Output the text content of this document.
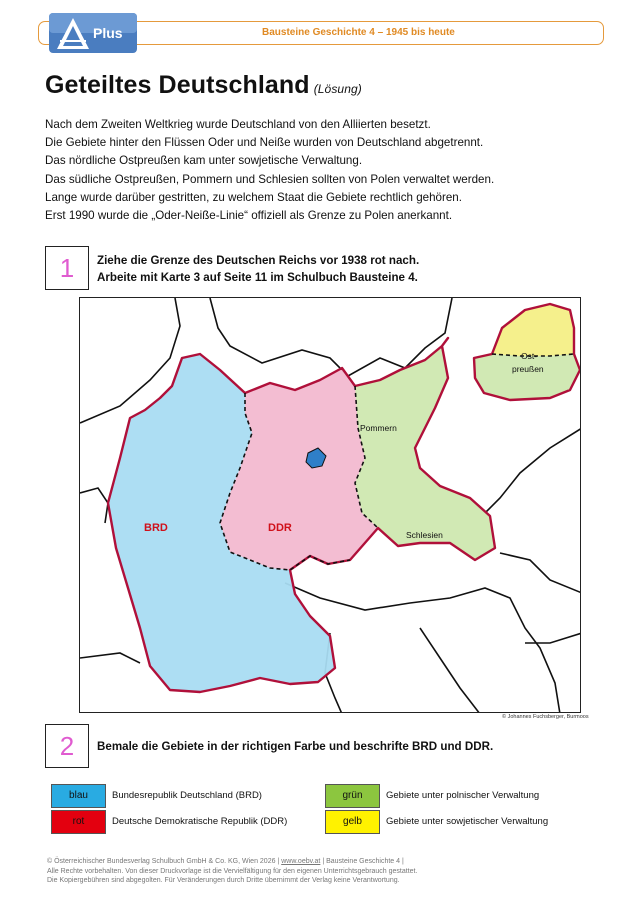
Plus	Bausteine Geschichte 4 – 1945 bis heute
Geteiltes Deutschland (Lösung)
Nach dem Zweiten Weltkrieg wurde Deutschland von den Alliierten besetzt.
Die Gebiete hinter den Flüssen Oder und Neiße wurden von Deutschland abgetrennt.
Das nördliche Ostpreußen kam unter sowjetische Verwaltung.
Das südliche Ostpreußen, Pommern und Schlesien sollten von Polen verwaltet werden.
Lange wurde darüber gestritten, zu welchem Staat die Gebiete rechtlich gehören.
Erst 1990 wurde die „Oder-Neiße-Linie“ offiziell als Grenze zu Polen anerkannt.
1	Ziehe die Grenze des Deutschen Reichs vor 1938 rot nach.
Arbeite mit Karte 3 auf Seite 11 im Schulbuch Bausteine 4.
BRD	DDR
Pommern
Schlesien
Ost-
preußen
© Johannes Fuchsberger, Burmoos
2	Bemale die Gebiete in der richtigen Farbe und beschrifte BRD und DDR.
blau	Bundesrepublik Deutschland (BRD)
rot	Deutsche Demokratische Republik (DDR)
grün	Gebiete unter polnischer Verwaltung
gelb	Gebiete unter sowjetischer Verwaltung
© Österreichischer Bundesverlag Schulbuch GmbH & Co. KG, Wien 2026 | www.oebv.at | Bausteine Geschichte 4 |
Alle Rechte vorbehalten. Von dieser Druckvorlage ist die Vervielfältigung für den eigenen Unterrichtsgebrauch gestattet.
Die Kopiergebühren sind abgegolten. Für Veränderungen durch Dritte übernimmt der Verlag keine Verantwortung.
